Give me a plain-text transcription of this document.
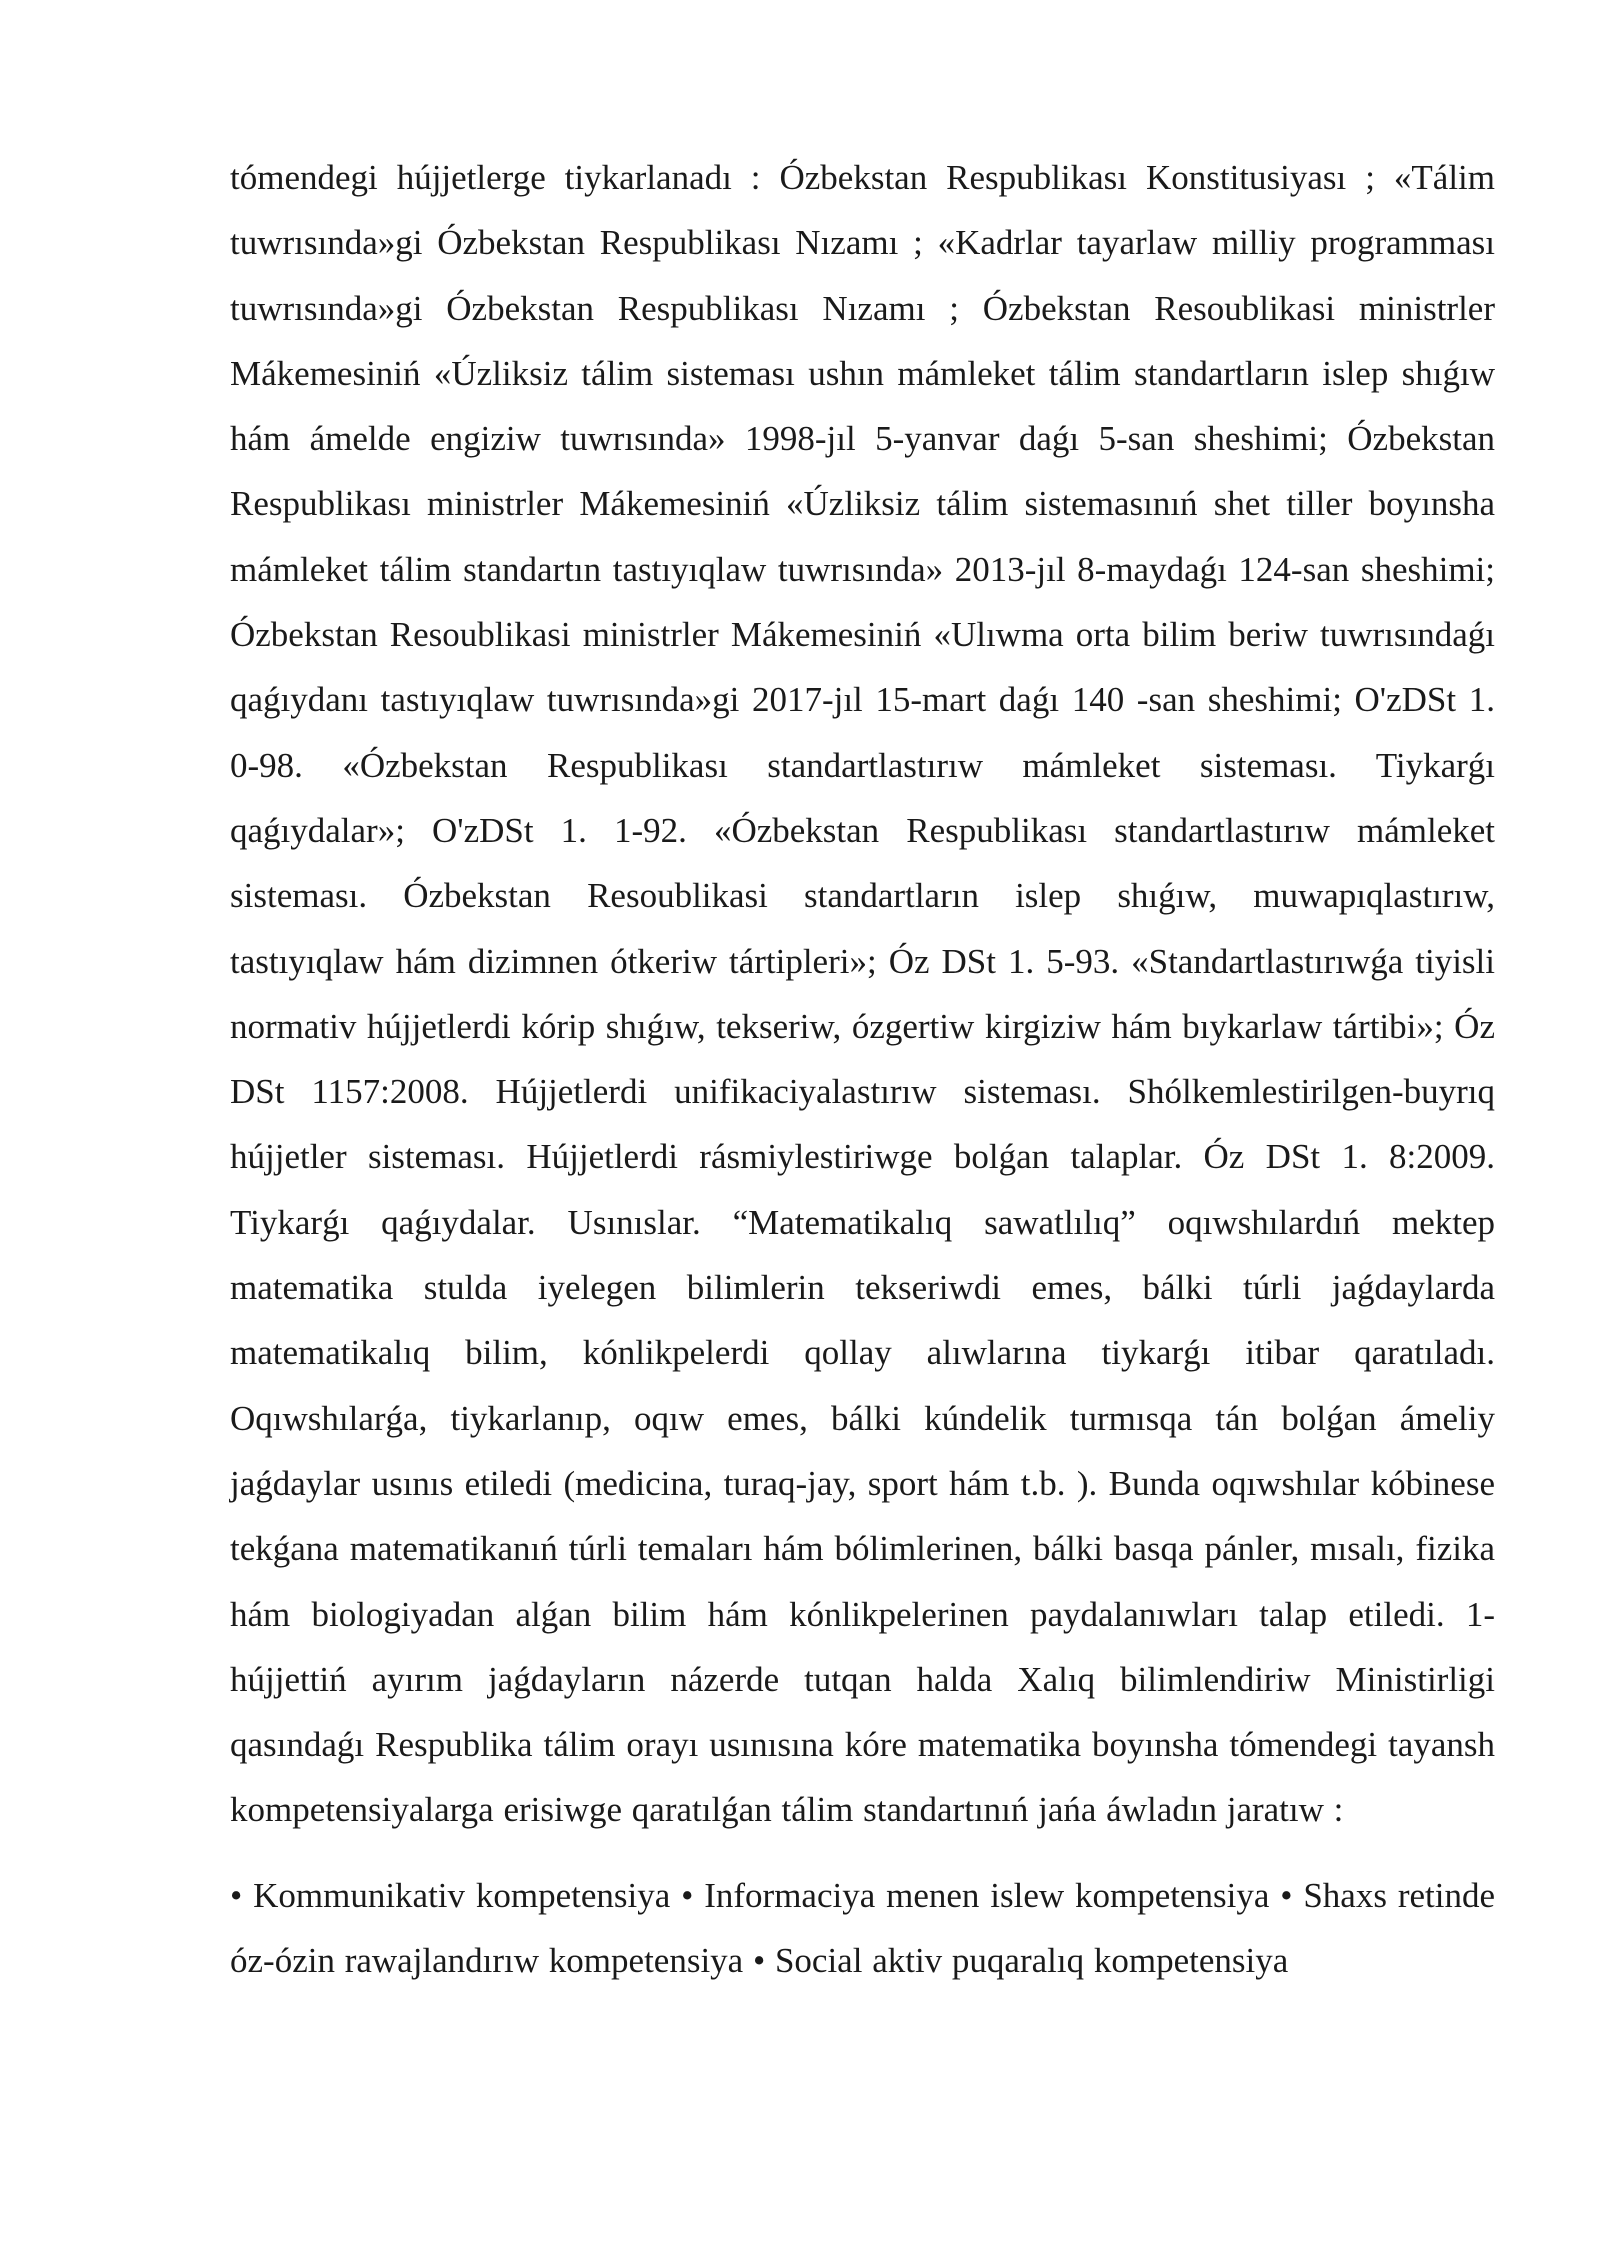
tómendegi hújjetlerge tiykarlanadı : Ózbekstan Respublikası Konstitusiyası ; «Tálim tuwrısında»gi Ózbekstan Respublikası Nızamı ; «Kadrlar tayarlaw milliy programması tuwrısında»gi Ózbekstan Respublikası Nızamı ; Ózbekstan Resoublikasi ministrler Mákemesiniń «Úzliksiz tálim sisteması ushın mámleket tálim standartların islep shıǵıw hám ámelde engiziw tuwrısında» 1998-jıl 5-yanvar daǵı 5-san sheshimi; Ózbekstan Respublikası ministrler Mákemesiniń «Úzliksiz tálim sistemasınıń shet tiller boyınsha mámleket tálim standartın tastıyıqlaw tuwrısında» 2013-jıl 8-maydaǵı 124-san sheshimi; Ózbekstan Resoublikasi ministrler Mákemesiniń «Ulıwma orta bilim beriw tuwrısındaǵı qaǵıydanı tastıyıqlaw tuwrısında»gi 2017-jıl 15-mart daǵı 140 -san sheshimi; O'zDSt 1. 0-98. «Ózbekstan Respublikası standartlastırıw mámleket sisteması. Tiykarǵı qaǵıydalar»; O'zDSt 1. 1-92. «Ózbekstan Respublikası standartlastırıw mámleket sisteması. Ózbekstan Resoublikasi standartların islep shıǵıw, muwapıqlastırıw, tastıyıqlaw hám dizimnen ótkeriw tártipleri»; Óz DSt 1. 5-93. «Standartlastırıwǵa tiyisli normativ hújjetlerdi kórip shıǵıw, tekseriw, ózgertiw kirgiziw hám bıykarlaw tártibi»; Óz DSt 1157:2008. Hújjetlerdi unifikaciyalastırıw sisteması. Shólkemlestirilgen-buyrıq hújjetler sisteması. Hújjetlerdi rásmiylestiriwge bolǵan talaplar. Óz DSt 1. 8:2009. Tiykarǵı qaǵıydalar. Usınıslar. “Matematikalıq sawatlılıq” oqıwshılardıń mektep matematika stulda iyelegen bilimlerin tekseriwdi emes, bálki túrli jaǵdaylarda matematikalıq bilim, kónlikpelerdi qollay alıwlarına tiykarǵı itibar qaratıladı. Oqıwshılarǵa, tiykarlanıp, oqıw emes, bálki kúndelik turmısqa tán bolǵan ámeliy jaǵdaylar usınıs etiledi (medicina, turaq-jay, sport hám t.b. ). Bunda oqıwshılar kóbinese tekǵana matematikanıń túrli temaları hám bólimlerinen, bálki basqa pánler, mısalı, fizika hám biologiyadan alǵan bilim hám kónlikpelerinen paydalanıwları talap etiledi. 1-hújjettiń ayırım jaǵdayların názerde tutqan halda Xalıq bilimlendiriw Ministirligi qasındaǵı Respublika tálim orayı usınısına kóre matematika boyınsha tómendegi tayansh kompetensiyalarga erisiwge qaratılǵan tálim standartınıń jańa áwladın jaratıw :

• Kommunikativ kompetensiya • Informaciya menen islew kompetensiya • Shaxs retinde óz-ózin rawajlandırıw kompetensiya • Social aktiv puqaralıq kompetensiya
